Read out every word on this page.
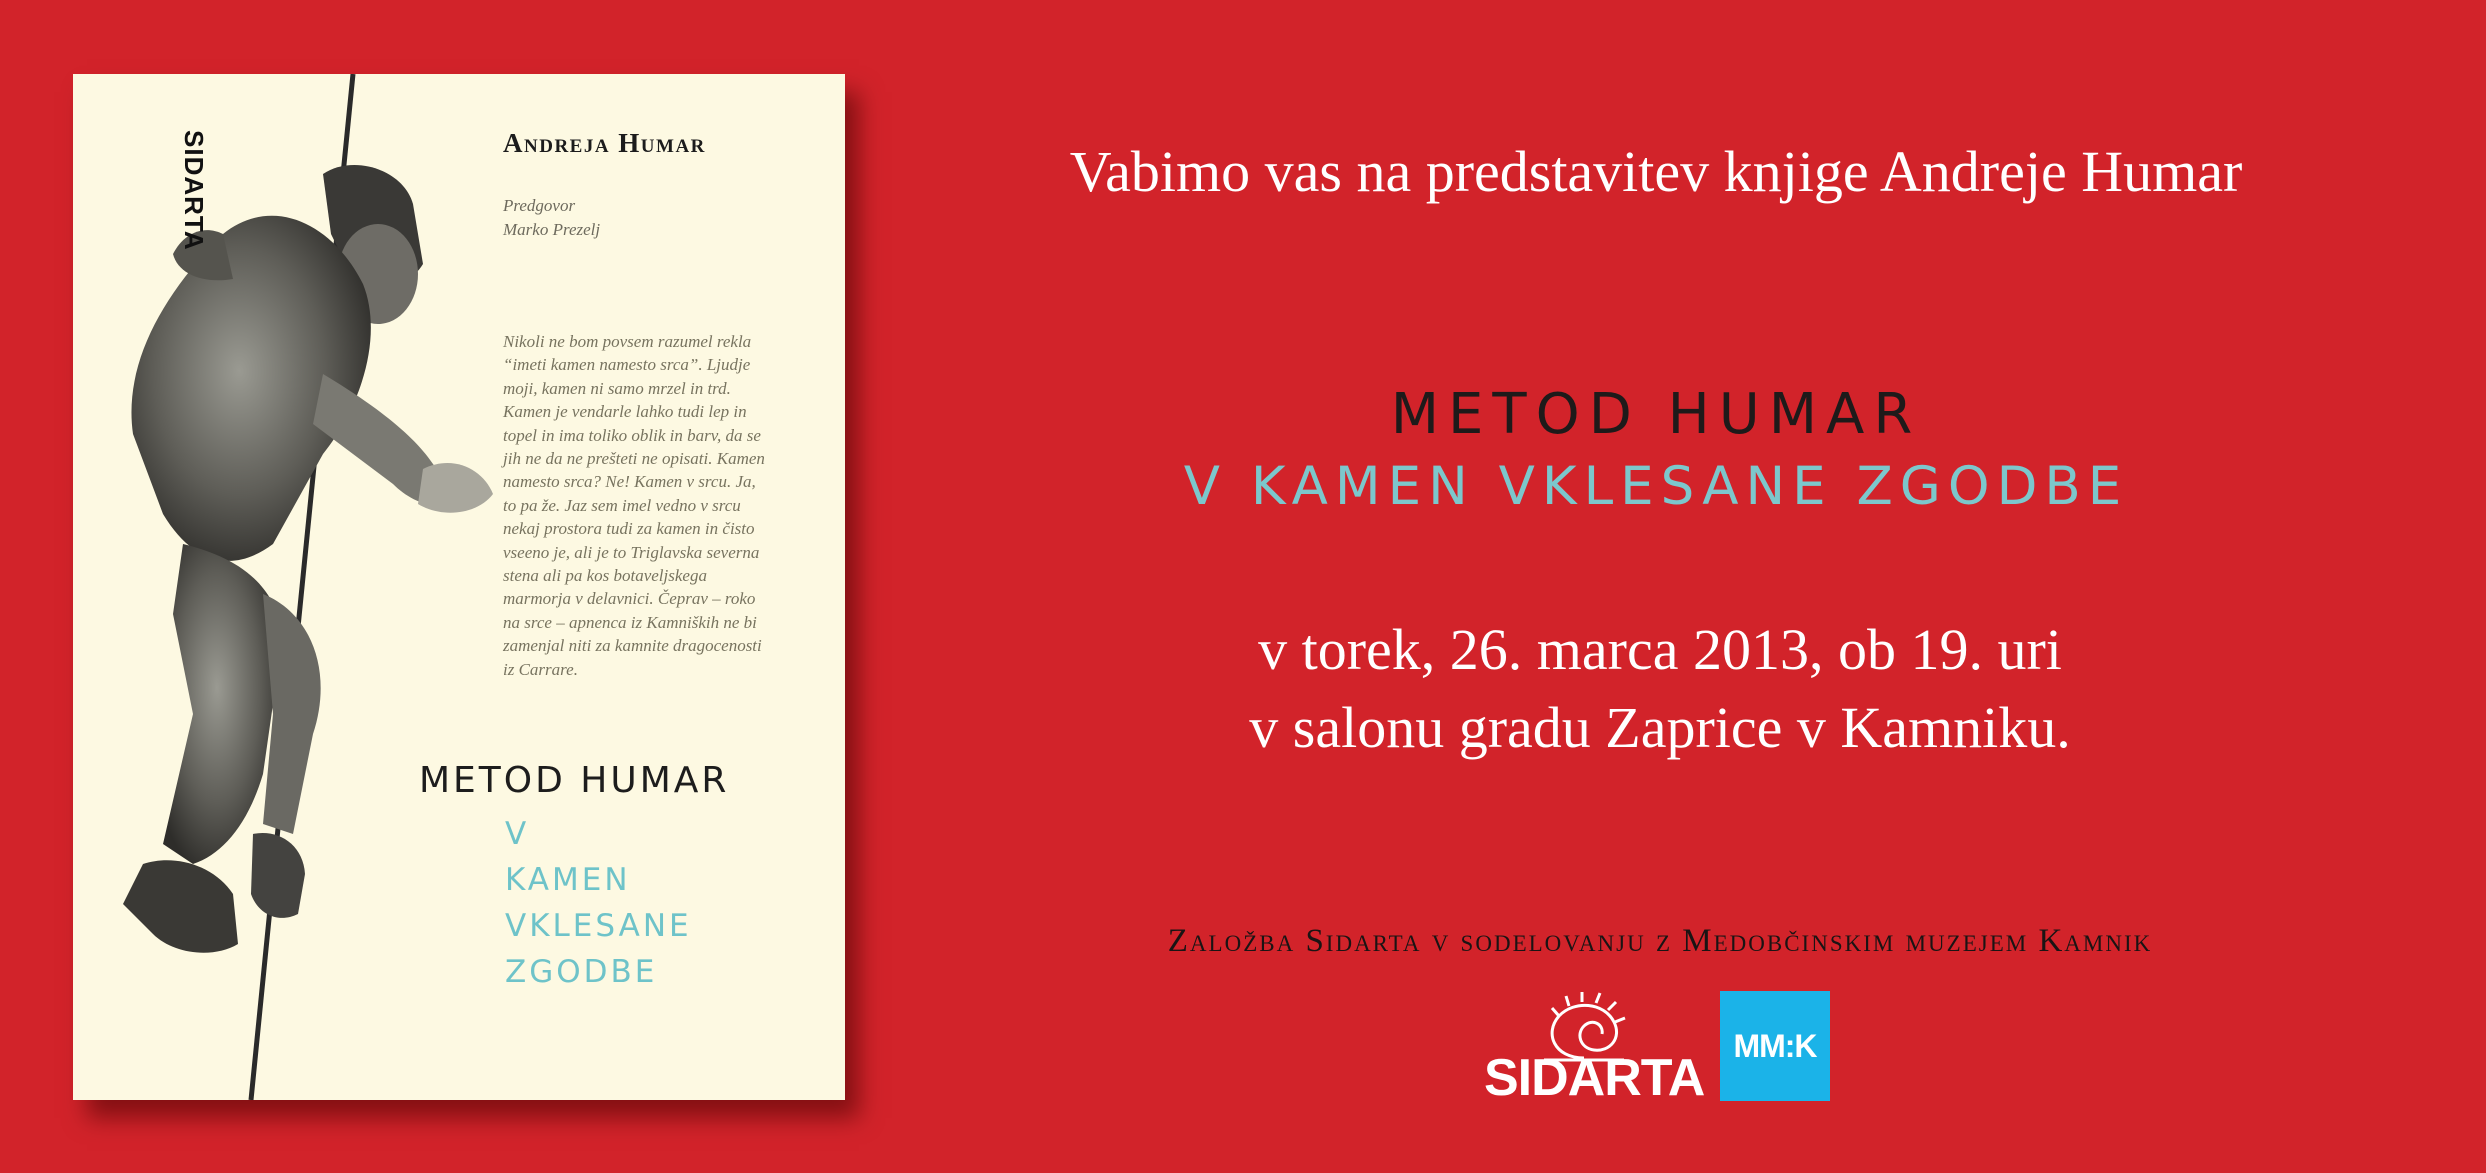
SIDARTA	Andreja Humar
Predgovor
Marko Prezelj
Nikoli ne bom povsem razumel rekla “imeti kamen namesto srca”. Ljudje moji, kamen ni samo mrzel in trd. Kamen je vendarle lahko tudi lep in topel in ima toliko oblik in barv, da se jih ne da ne prešteti ne opisati. Kamen namesto srca? Ne! Kamen v srcu. Ja, to pa že. Jaz sem imel vedno v srcu nekaj prostora tudi za kamen in čisto vseeno je, ali je to Triglavska severna stena ali pa kos botaveljskega marmorja v delavnici. Čeprav – roko na srce – apnenca iz Kamniških ne bi zamenjal niti za kamnite dragocenosti iz Carrare.
METOD HUMAR
V
KAMEN
VKLESANE
ZGODBE
Vabimo vas na predstavitev knjige Andreje Humar
METOD HUMAR
V KAMEN VKLESANE ZGODBE
v torek, 26. marca 2013, ob 19. uri
v salonu gradu Zaprice v Kamniku.
Založba Sidarta v sodelovanju z Medobčinskim muzejem Kamnik
SIDARTA
MM:K
